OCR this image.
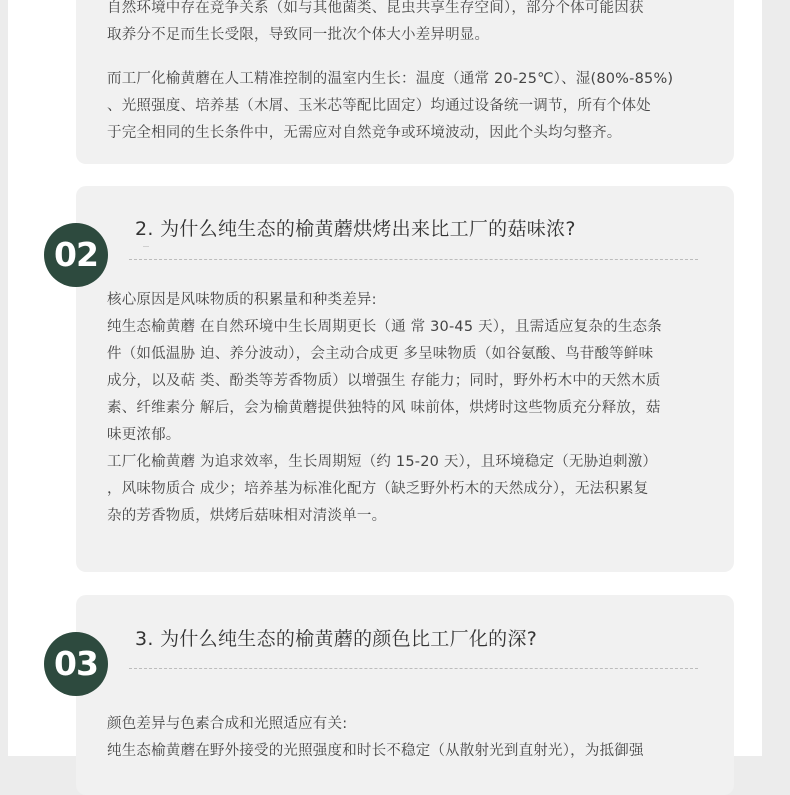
自然环境中存在竞争关系（如与其他菌类、昆虫共享生存空间），部分个体可能因获

取养分不足而生长受限，导致同一批次个体大小差异明显。

而工厂化榆黄蘑在人工精准控制的温室内生长：温度（通常 20-25℃）、湿(80%-85%)

、光照强度、培养基（木屑、玉米芯等配比固定）均通过设备统一调节，所有个体处

于完全相同的生长条件中，无需应对自然竞争或环境波动，因此个头均匀整齐。

02
2. 为什么纯生态的榆黄蘑烘烤出来比工厂的菇味浓?

核心原因是风味物质的积累量和种类差异:

纯生态榆黄蘑 在自然环境中生长周期更长（通 常 30-45 天），且需适应复杂的生态条

件（如低温胁 迫、养分波动），会主动合成更 多呈味物质（如谷氨酸、鸟苷酸等鲜味

成分，以及萜 类、酚类等芳香物质）以增强生 存能力；同时，野外朽木中的天然木质

素、纤维素分 解后，会为榆黄蘑提供独特的风 味前体，烘烤时这些物质充分释放，菇

味更浓郁。

工厂化榆黄蘑 为追求效率，生长周期短（约 15-20 天），且环境稳定（无胁迫刺激）

，风味物质合 成少；培养基为标准化配方（缺乏野外朽木的天然成分），无法积累复

杂的芳香物质，烘烤后菇味相对清淡单一。

03
3. 为什么纯生态的榆黄蘑的颜色比工厂化的深?

颜色差异与色素合成和光照适应有关:

纯生态榆黄蘑在野外接受的光照强度和时长不稳定（从散射光到直射光），为抵御强
